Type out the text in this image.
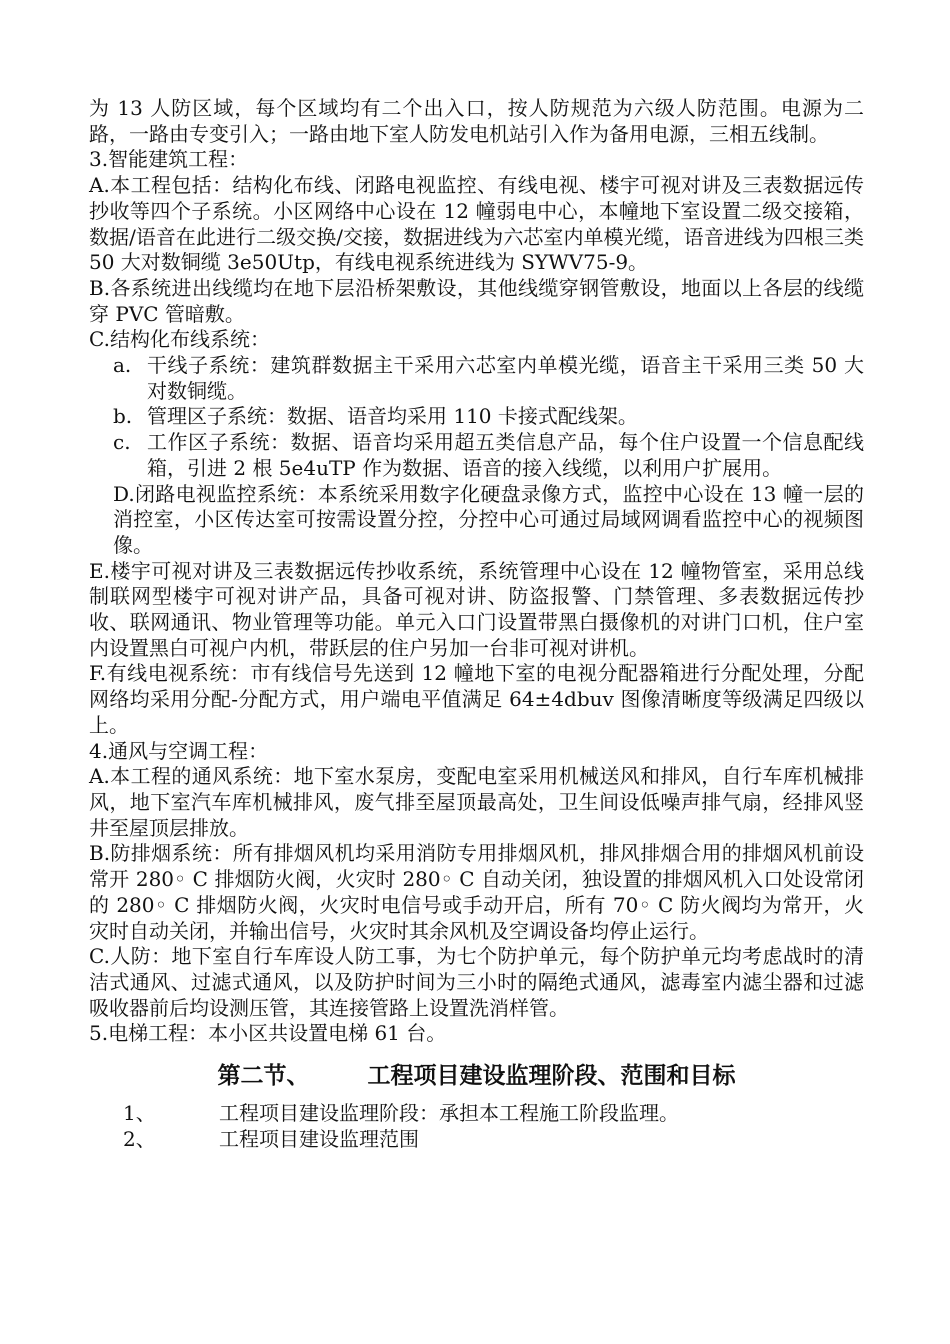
为 13 人防区域，每个区域均有二个出入口，按人防规范为六级人防范围。电源为二路，一路由专变引入；一路由地下室人防发电机站引入作为备用电源，三相五线制。

3.智能建筑工程：

A.本工程包括：结构化布线、闭路电视监控、有线电视、楼宇可视对讲及三表数据远传抄收等四个子系统。小区网络中心设在 12 幢弱电中心，本幢地下室设置二级交接箱，数据/语音在此进行二级交换/交接，数据进线为六芯室内单模光缆，语音进线为四根三类 50 大对数铜缆 3e50Utp，有线电视系统进线为 SYWV75-9。

B.各系统进出线缆均在地下层沿桥架敷设，其他线缆穿钢管敷设，地面以上各层的线缆穿 PVC 管暗敷。

C.结构化布线系统：

a. 干线子系统：建筑群数据主干采用六芯室内单模光缆，语音主干采用三类 50 大对数铜缆。
b. 管理区子系统：数据、语音均采用 110 卡接式配线架。
c. 工作区子系统：数据、语音均采用超五类信息产品，每个住户设置一个信息配线箱，引进 2 根 5e4uTP 作为数据、语音的接入线缆，以利用户扩展用。

D.闭路电视监控系统：本系统采用数字化硬盘录像方式，监控中心设在 13 幢一层的消控室，小区传达室可按需设置分控，分控中心可通过局域网调看监控中心的视频图像。

E.楼宇可视对讲及三表数据远传抄收系统，系统管理中心设在 12 幢物管室，采用总线制联网型楼宇可视对讲产品，具备可视对讲、防盗报警、门禁管理、多表数据远传抄收、联网通讯、物业管理等功能。单元入口门设置带黑白摄像机的对讲门口机，住户室内设置黑白可视户内机，带跃层的住户另加一台非可视对讲机。

F.有线电视系统：市有线信号先送到 12 幢地下室的电视分配器箱进行分配处理，分配网络均采用分配-分配方式，用户端电平值满足 64±4dbuv 图像清晰度等级满足四级以上。

4.通风与空调工程：

A.本工程的通风系统：地下室水泵房，变配电室采用机械送风和排风，自行车库机械排风，地下室汽车库机械排风，废气排至屋顶最高处，卫生间设低噪声排气扇，经排风竖井至屋顶层排放。

B.防排烟系统：所有排烟风机均采用消防专用排烟风机，排风排烟合用的排烟风机前设常开 280◦ C 排烟防火阀，火灾时 280◦ C 自动关闭，独设置的排烟风机入口处设常闭的 280◦ C 排烟防火阀，火灾时电信号或手动开启，所有 70◦ C 防火阀均为常开，火灾时自动关闭，并输出信号，火灾时其余风机及空调设备均停止运行。

C.人防：地下室自行车库设人防工事，为七个防护单元，每个防护单元均考虑战时的清洁式通风、过滤式通风，以及防护时间为三小时的隔绝式通风，滤毒室内滤尘器和过滤吸收器前后均设测压管，其连接管路上设置洗消样管。

5.电梯工程：本小区共设置电梯 61 台。

第二节、	工程项目建设监理阶段、范围和目标
1、	工程项目建设监理阶段：承担本工程施工阶段监理。
2、	工程项目建设监理范围
